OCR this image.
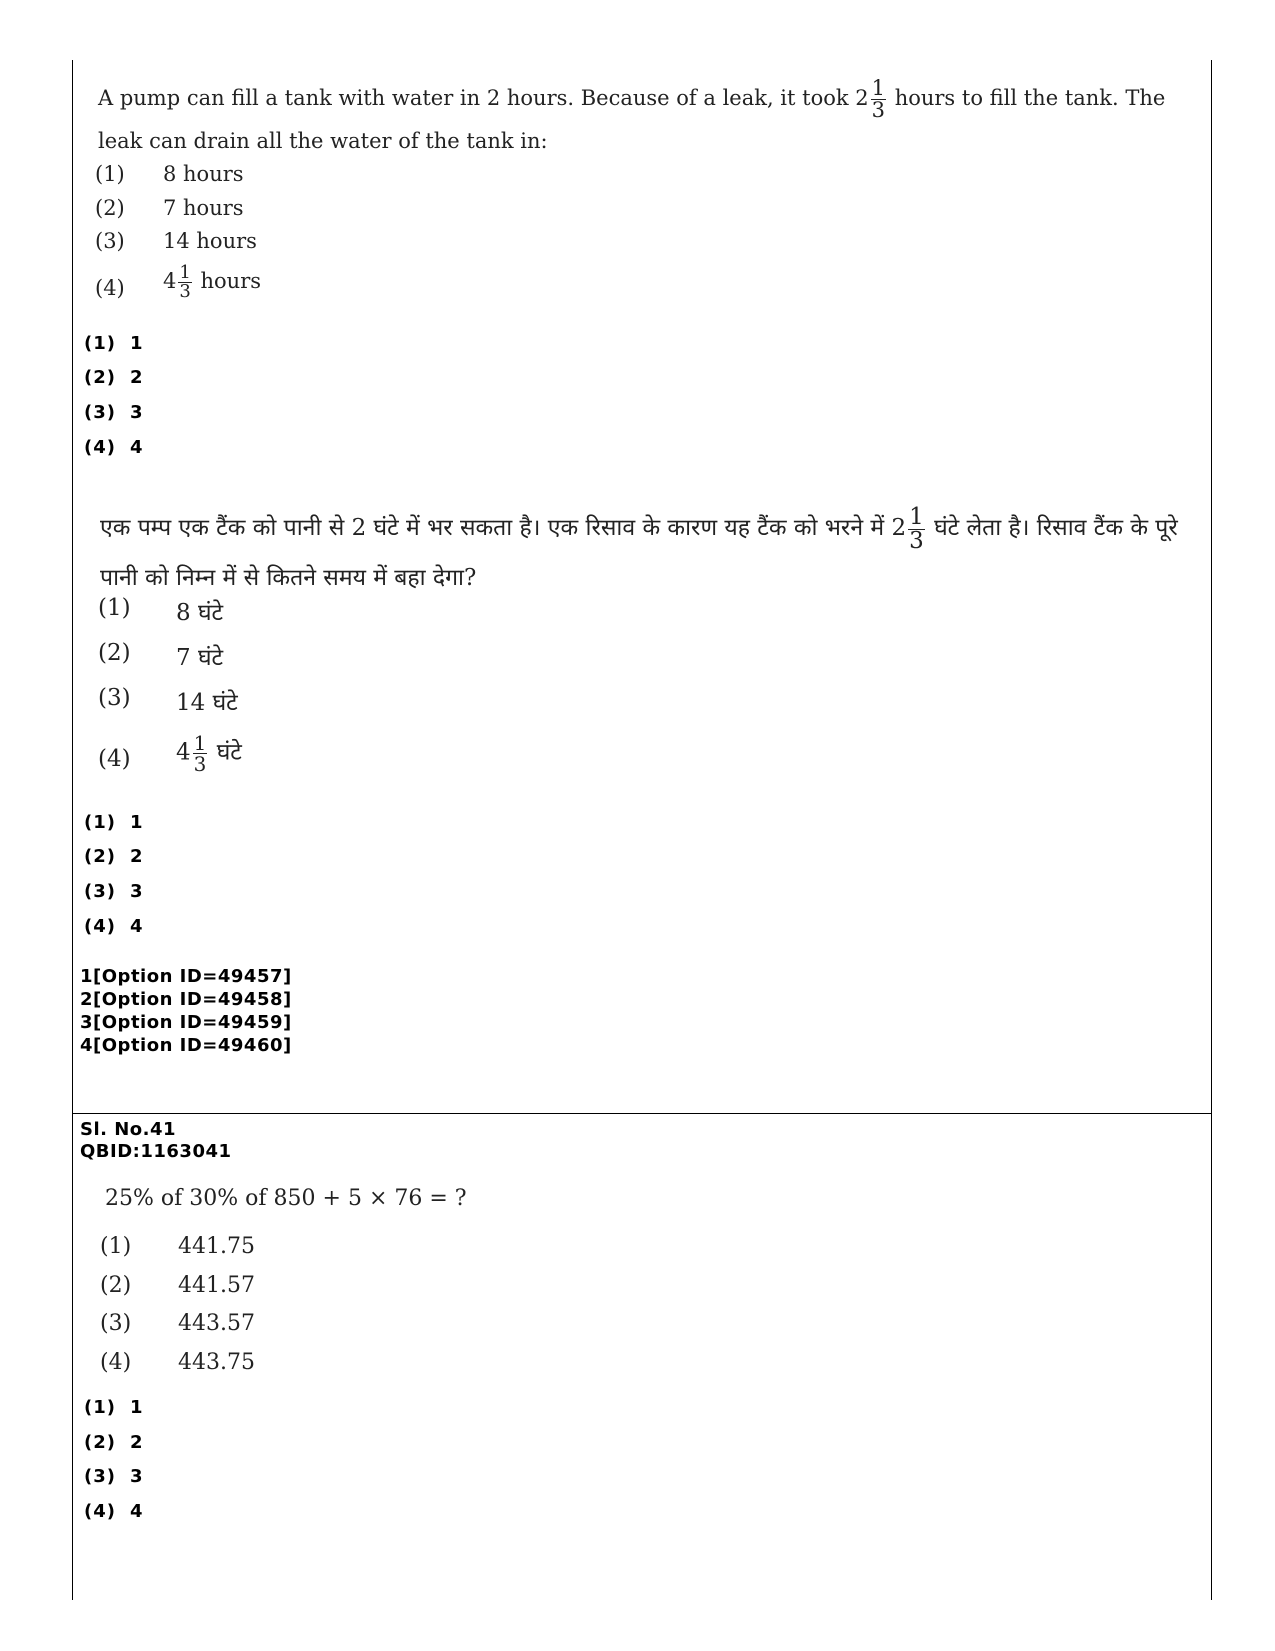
A pump can fill a tank with water in 2 hours. Because of a leak, it took $2 \frac{1}{3}$ hours to fill the tank. The leak can drain all the water of the tank in:
(1) 8 hours
(2) 7 hours
(3) 14 hours
(4) $4 \frac{1}{3}$ hours
(1) 1
(2) 2
(3) 3
(4) 4
एक पम्प एक टैंक को पानी से 2 घंटे में भर सकता है। एक रिसाव के कारण यह टैंक को भरने में $2 \frac{1}{3}$ घंटे लेता है। रिसाव टैंक के पूरे पानी को निम्न में से कितने समय में बहा देगा?
(1) 8 घंटे
(2) 7 घंटे
(3) 14 घंटे
(4) $4 \frac{1}{3}$ घंटे
(1) 1
(2) 2
(3) 3
(4) 4
1[Option ID=49457]
2[Option ID=49458]
3[Option ID=49459]
4[Option ID=49460]
Sl. No.41
QBID:1163041
25% of 30% of 850 + 5 × 76 = ?
(1) 441.75
(2) 441.57
(3) 443.57
(4) 443.75
(1) 1
(2) 2
(3) 3
(4) 4
